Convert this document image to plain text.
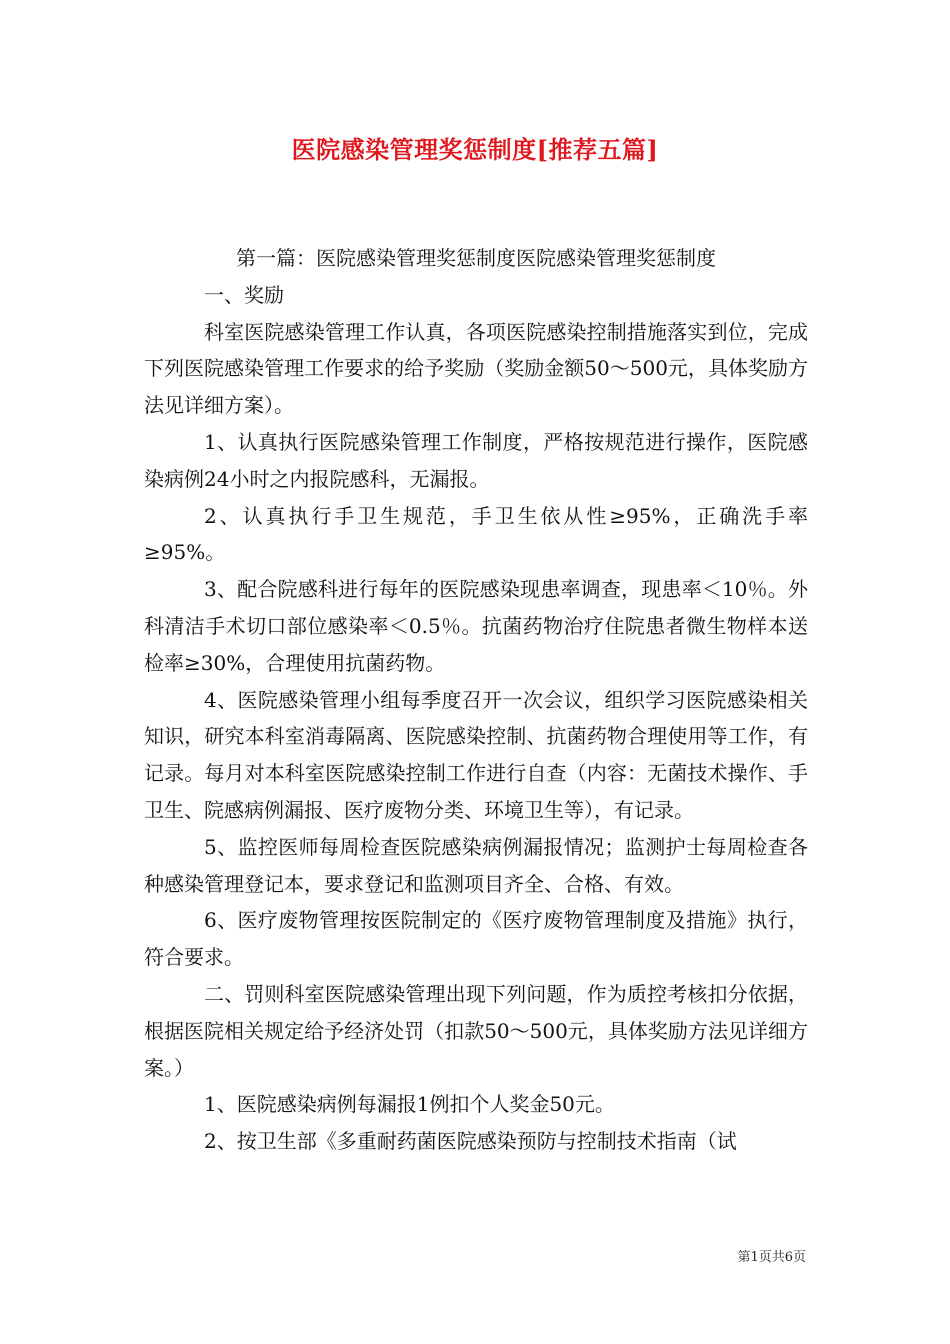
医院感染管理奖惩制度[推荐五篇]

第一篇：医院感染管理奖惩制度医院感染管理奖惩制度

一、奖励

科室医院感染管理工作认真，各项医院感染控制措施落实到位，完成下列医院感染管理工作要求的给予奖励（奖励金额50～500元，具体奖励方法见详细方案）。

1、认真执行医院感染管理工作制度，严格按规范进行操作，医院感染病例24小时之内报院感科，无漏报。

2、认真执行手卫生规范，手卫生依从性≥95%，正确洗手率≥95%。

3、配合院感科进行每年的医院感染现患率调查，现患率＜10％。外科清洁手术切口部位感染率＜0.5％。抗菌药物治疗住院患者微生物样本送检率≥30%，合理使用抗菌药物。

4、医院感染管理小组每季度召开一次会议，组织学习医院感染相关知识，研究本科室消毒隔离、医院感染控制、抗菌药物合理使用等工作，有记录。每月对本科室医院感染控制工作进行自查（内容：无菌技术操作、手卫生、院感病例漏报、医疗废物分类、环境卫生等），有记录。

5、监控医师每周检查医院感染病例漏报情况；监测护士每周检查各种感染管理登记本，要求登记和监测项目齐全、合格、有效。

6、医疗废物管理按医院制定的《医疗废物管理制度及措施》执行，符合要求。

二、罚则科室医院感染管理出现下列问题，作为质控考核扣分依据，根据医院相关规定给予经济处罚（扣款50～500元，具体奖励方法见详细方案。）

1、医院感染病例每漏报1例扣个人奖金50元。

2、按卫生部《多重耐药菌医院感染预防与控制技术指南（试

第1页共6页
